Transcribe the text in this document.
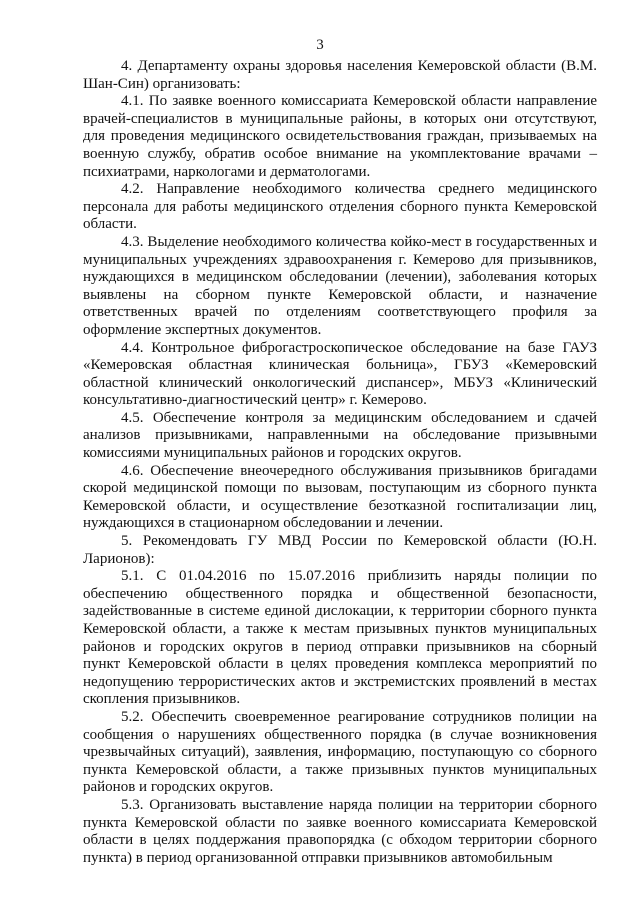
3

4. Департаменту охраны здоровья населения Кемеровской области (В.М. Шан-Син) организовать:

4.1. По заявке военного комиссариата Кемеровской области направление врачей-специалистов в муниципальные районы, в которых они отсутствуют, для проведения медицинского освидетельствования граждан, призываемых на военную службу, обратив особое внимание на укомплектование врачами – психиатрами, наркологами и дерматологами.

4.2. Направление необходимого количества среднего медицинского персонала для работы медицинского отделения сборного пункта Кемеровской области.

4.3. Выделение необходимого количества койко-мест в государственных и муниципальных учреждениях здравоохранения г. Кемерово для призывников, нуждающихся в медицинском обследовании (лечении), заболевания которых выявлены на сборном пункте Кемеровской области, и назначение ответственных врачей по отделениям соответствующего профиля за оформление экспертных документов.

4.4. Контрольное фиброгастроскопическое обследование на базе ГАУЗ «Кемеровская областная клиническая больница», ГБУЗ «Кемеровский областной клинический онкологический диспансер», МБУЗ «Клинический консультативно-диагностический центр» г. Кемерово.

4.5. Обеспечение контроля за медицинским обследованием и сдачей анализов призывниками, направленными на обследование призывными комиссиями муниципальных районов и городских округов.

4.6. Обеспечение внеочередного обслуживания призывников бригадами скорой медицинской помощи по вызовам, поступающим из сборного пункта Кемеровской области, и осуществление безотказной госпитализации лиц, нуждающихся в стационарном обследовании и лечении.

5. Рекомендовать ГУ МВД России по Кемеровской области (Ю.Н. Ларионов):

5.1. С 01.04.2016 по 15.07.2016 приблизить наряды полиции по обеспечению общественного порядка и общественной безопасности, задействованные в системе единой дислокации, к территории сборного пункта Кемеровской области, а также к местам призывных пунктов муниципальных районов и городских округов в период отправки призывников на сборный пункт Кемеровской области в целях проведения комплекса мероприятий по недопущению террористических актов и экстремистских проявлений в местах скопления призывников.

5.2. Обеспечить своевременное реагирование сотрудников полиции на сообщения о нарушениях общественного порядка (в случае возникновения чрезвычайных ситуаций), заявления, информацию, поступающую со сборного пункта Кемеровской области, а также призывных пунктов муниципальных районов и городских округов.

5.3. Организовать выставление наряда полиции на территории сборного пункта Кемеровской области по заявке военного комиссариата Кемеровской области в целях поддержания правопорядка (с обходом территории сборного пункта) в период организованной отправки призывников автомобильным
